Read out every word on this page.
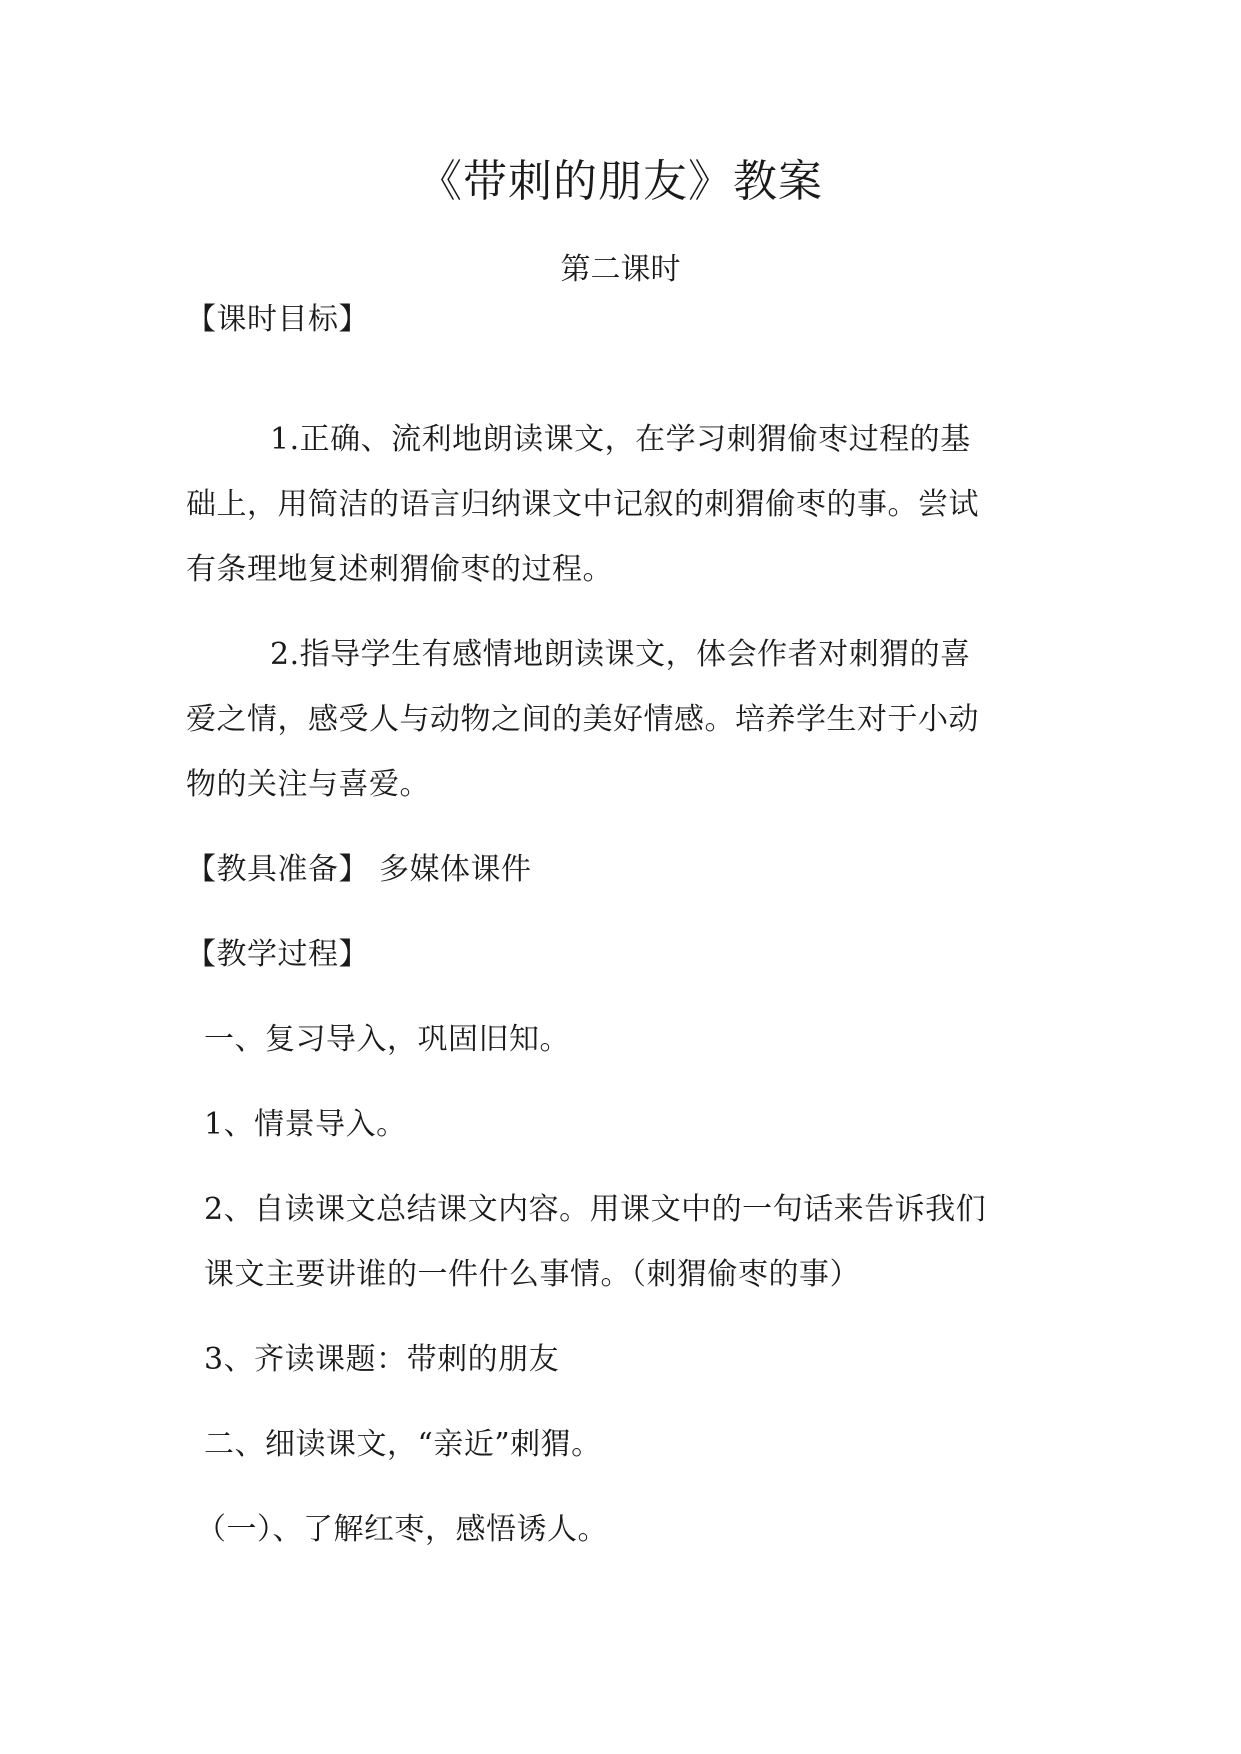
《带刺的朋友》教案
第二课时
【课时目标】
1.正确、流利地朗读课文，在学习刺猬偷枣过程的基
础上，用简洁的语言归纳课文中记叙的刺猬偷枣的事。尝试
有条理地复述刺猬偷枣的过程。
2.指导学生有感情地朗读课文，体会作者对刺猬的喜
爱之情，感受人与动物之间的美好情感。培养学生对于小动
物的关注与喜爱。
【教具准备】 多媒体课件
【教学过程】
一、复习导入，巩固旧知。
1、情景导入。
2、自读课文总结课文内容。用课文中的一句话来告诉我们
课文主要讲谁的一件什么事情。（刺猬偷枣的事）
3、齐读课题：带刺的朋友
二、细读课文，“亲近”刺猬。
（一）、了解红枣，感悟诱人。
